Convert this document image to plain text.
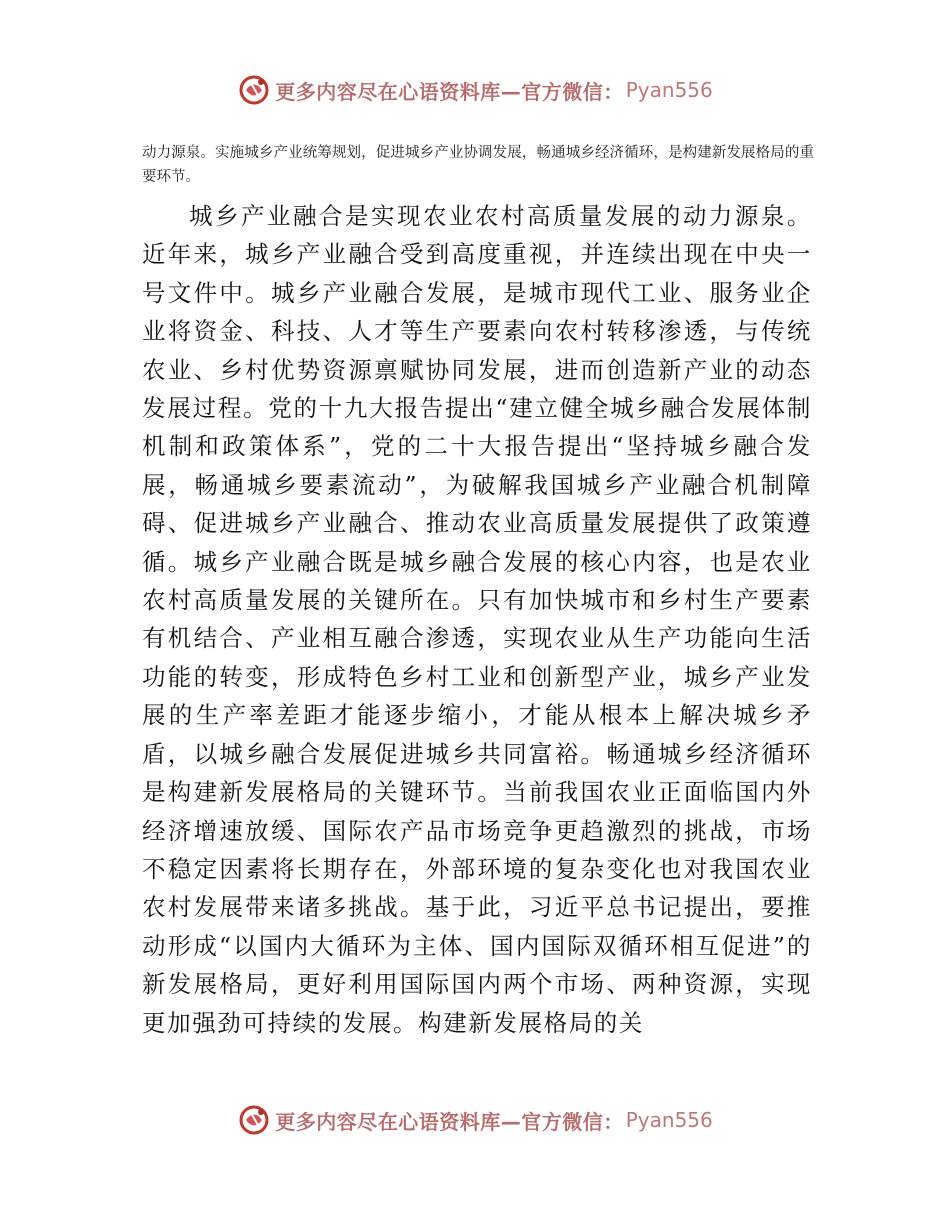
更多内容尽在心语资料库—官方微信： Pyan556
动力源泉。实施城乡产业统筹规划，促进城乡产业协调发展，畅通城乡经济循环，是构建新发展格局的重要环节。
城乡产业融合是实现农业农村高质量发展的动力源泉。近年来，城乡产业融合受到高度重视，并连续出现在中央一号文件中。城乡产业融合发展，是城市现代工业、服务业企业将资金、科技、人才等生产要素向农村转移渗透，与传统农业、乡村优势资源禀赋协同发展，进而创造新产业的动态发展过程。党的十九大报告提出“建立健全城乡融合发展体制机制和政策体系”，党的二十大报告提出“坚持城乡融合发展，畅通城乡要素流动”，为破解我国城乡产业融合机制障碍、促进城乡产业融合、推动农业高质量发展提供了政策遵循。城乡产业融合既是城乡融合发展的核心内容，也是农业农村高质量发展的关键所在。只有加快城市和乡村生产要素有机结合、产业相互融合渗透，实现农业从生产功能向生活功能的转变，形成特色乡村工业和创新型产业，城乡产业发展的生产率差距才能逐步缩小，才能从根本上解决城乡矛盾，以城乡融合发展促进城乡共同富裕。畅通城乡经济循环是构建新发展格局的关键环节。当前我国农业正面临国内外经济增速放缓、国际农产品市场竞争更趋激烈的挑战，市场不稳定因素将长期存在，外部环境的复杂变化也对我国农业农村发展带来诸多挑战。基于此，习近平总书记提出，要推动形成“以国内大循环为主体、国内国际双循环相互促进”的新发展格局，更好利用国际国内两个市场、两种资源，实现更加强劲可持续的发展。构建新发展格局的关
更多内容尽在心语资料库—官方微信： Pyan556
